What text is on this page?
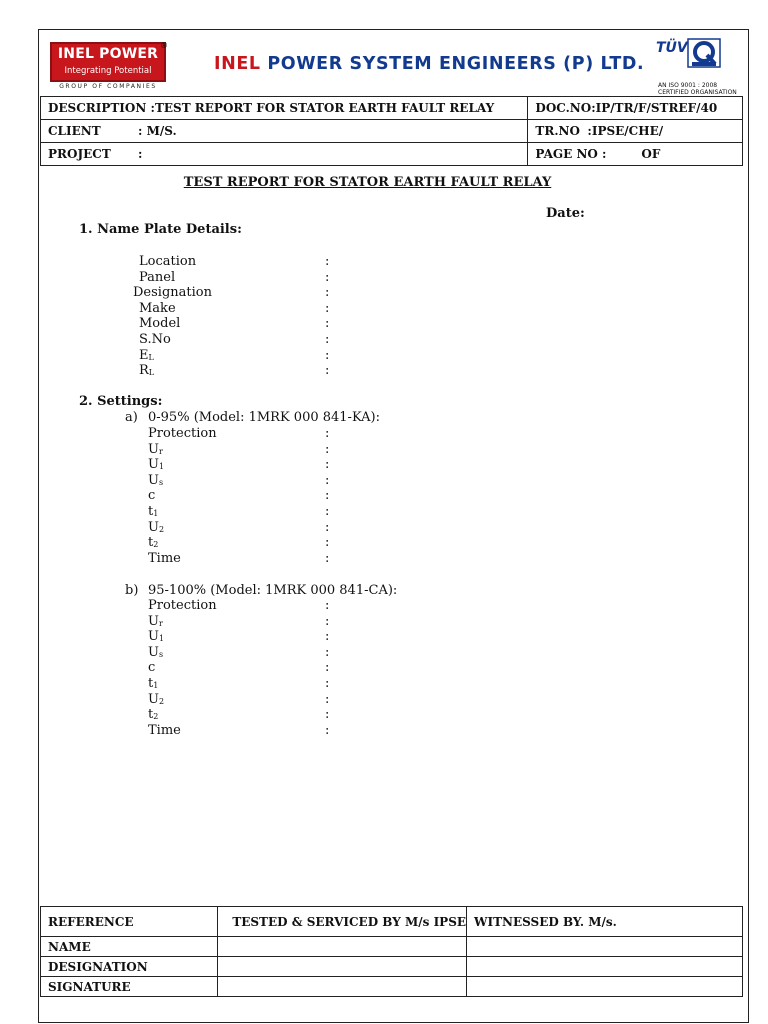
INEL POWER
Integrating Potential
GROUP OF COMPANIES
®
INEL POWER SYSTEM ENGINEERS (P) LTD.
TÜV
AN ISO 9001 : 2008
CERTIFIED ORGANISATION
DESCRIPTION :TEST REPORT FOR STATOR EARTH FAULT RELAY	DOC.NO:IP/TR/F/STREF/40
CLIENT : M/S.	TR.NO :IPSE/CHE/
PROJECT :	PAGE NO : OF
TEST REPORT FOR STATOR EARTH FAULT RELAY
Date:
1. Name Plate Details:
Location	:
Panel	:
Designation	:
Make	:
Model	:
S.No	:
$E_L$	:
$R_L$	:
2. Settings:
a) 0-95% (Model: 1MRK 000 841-KA):
Protection	:
$U_r$	:
$U_1$	:
$U_s$	:
c	:
$t_1$	:
$U_2$	:
$t_2$	:
Time	:
b) 95-100% (Model: 1MRK 000 841-CA):
Protection	:
$U_r$	:
$U_1$	:
$U_s$	:
c	:
$t_1$	:
$U_2$	:
$t_2$	:
Time	:
REFERENCE	TESTED & SERVICED BY M/s IPSE	WITNESSED BY. M/s.
NAME		
DESIGNATION		
SIGNATURE		
